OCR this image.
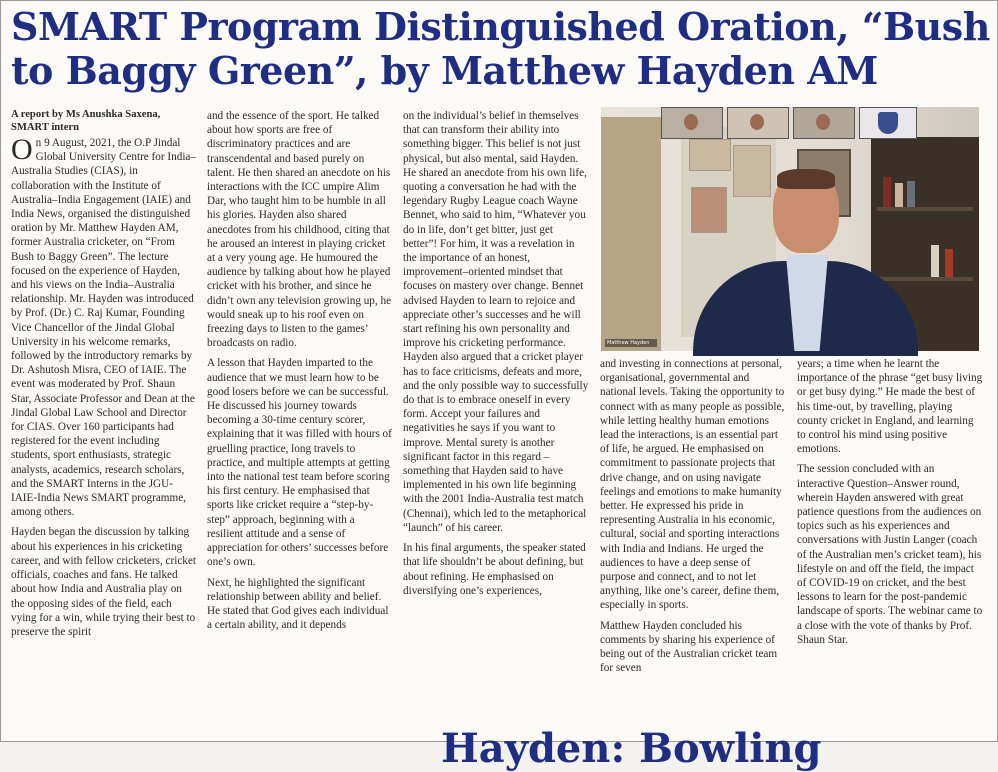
SMART Program Distinguished Oration, “Bush to Baggy Green”, by Matthew Hayden AM
A report by Ms Anushka Saxena, SMART intern

On 9 August, 2021, the O.P Jindal Global University Centre for India–Australia Studies (CIAS), in collaboration with the Institute of Australia–India Engagement (IAIE) and India News, organised the distinguished oration by Mr. Matthew Hayden AM, former Australia cricketer, on “From Bush to Baggy Green”. The lecture focused on the experience of Hayden, and his views on the India–Australia relationship. Mr. Hayden was introduced by Prof. (Dr.) C. Raj Kumar, Founding Vice Chancellor of the Jindal Global University in his welcome remarks, followed by the introductory remarks by Dr. Ashutosh Misra, CEO of IAIE. The event was moderated by Prof. Shaun Star, Associate Professor and Dean at the Jindal Global Law School and Director for CIAS. Over 160 participants had registered for the event including students, sport enthusiasts, strategic analysts, academics, research scholars, and the SMART Interns in the JGU-IAIE-India News SMART programme, among others.

Hayden began the discussion by talking about his experiences in his cricketing career, and with fellow cricketers, cricket officials, coaches and fans. He talked about how India and Australia play on the opposing sides of the field, each vying for a win, while trying their best to preserve the spirit

and the essence of the sport. He talked about how sports are free of discriminatory practices and are transcendental and based purely on talent. He then shared an anecdote on his interactions with the ICC umpire Alim Dar, who taught him to be humble in all his glories. Hayden also shared anecdotes from his childhood, citing that he aroused an interest in playing cricket at a very young age. He humoured the audience by talking about how he played cricket with his brother, and since he didn’t own any television growing up, he would sneak up to his roof even on freezing days to listen to the games’ broadcasts on radio.

A lesson that Hayden imparted to the audience that we must learn how to be good losers before we can be successful. He discussed his journey towards becoming a 30-time century scorer, explaining that it was filled with hours of gruelling practice, long travels to practice, and multiple attempts at getting into the national test team before scoring his first century. He emphasised that sports like cricket require a “step-by-step” approach, beginning with a resilient attitude and a sense of appreciation for others’ successes before one’s own.

Next, he highlighted the significant relationship between ability and belief. He stated that God gives each individual a certain ability, and it depends

on the individual’s belief in themselves that can transform their ability into something bigger. This belief is not just physical, but also mental, said Hayden. He shared an anecdote from his own life, quoting a conversation he had with the legendary Rugby League coach Wayne Bennet, who said to him, “Whatever you do in life, don’t get bitter, just get better”! For him, it was a revelation in the importance of an honest, improvement–oriented mindset that focuses on mastery over change. Bennet advised Hayden to learn to rejoice and appreciate other’s successes and he will start refining his own personality and improve his cricketing performance. Hayden also argued that a cricket player has to face criticisms, defeats and more, and the only possible way to successfully do that is to embrace oneself in every form. Accept your failures and negativities he says if you want to improve. Mental surety is another significant factor in this regard – something that Hayden said to have implemented in his own life beginning with the 2001 India-Australia test match (Chennai), which led to the metaphorical “launch” of his career.

In his final arguments, the speaker stated that life shouldn’t be about defining, but about refining. He emphasised on diversifying one’s experiences,

Matthew Hayden

and investing in connections at personal, organisational, governmental and national levels. Taking the opportunity to connect with as many people as possible, while letting healthy human emotions lead the interactions, is an essential part of life, he argued. He emphasised on commitment to passionate projects that drive change, and on using navigate feelings and emotions to make humanity better. He expressed his pride in representing Australia in his economic, cultural, social and sporting interactions with India and Indians. He urged the audiences to have a deep sense of purpose and connect, and to not let anything, like one’s career, define them, especially in sports.

Matthew Hayden concluded his comments by sharing his experience of being out of the Australian cricket team for seven

years; a time when he learnt the importance of the phrase “get busy living or get busy dying.” He made the best of his time-out, by travelling, playing county cricket in England, and learning to control his mind using positive emotions.

The session concluded with an interactive Question–Answer round, wherein Hayden answered with great patience questions from the audiences on topics such as his experiences and conversations with Justin Langer (coach of the Australian men’s cricket team), his lifestyle on and off the field, the impact of COVID-19 on cricket, and the best lessons to learn for the post-pandemic landscape of sports. The webinar came to a close with the vote of thanks by Prof. Shaun Star.

Hayden: Bowling
